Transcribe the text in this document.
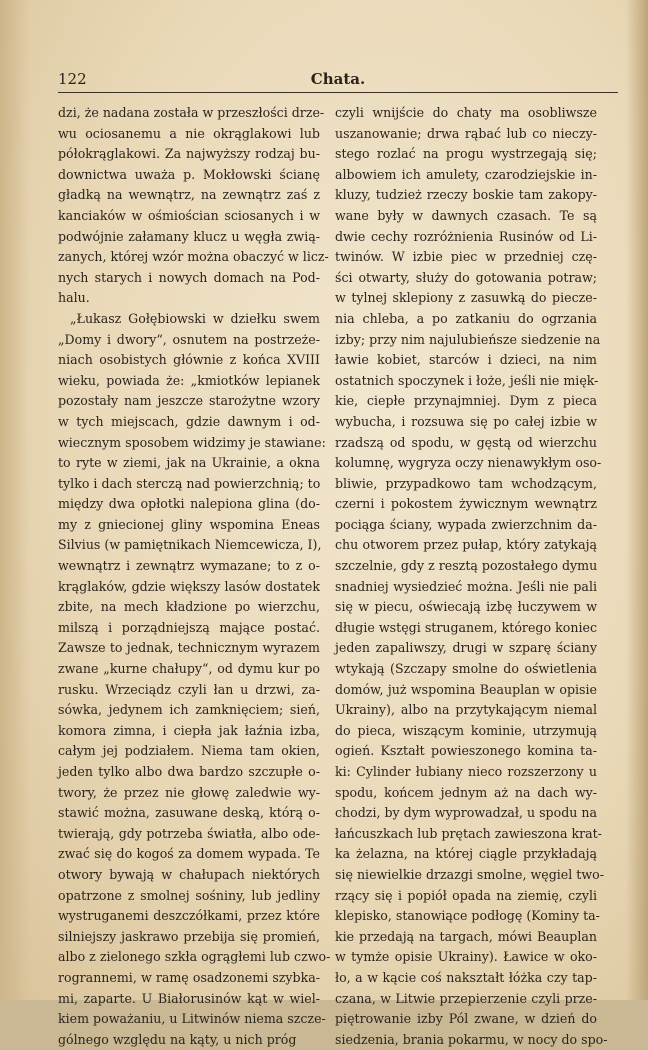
122	Chata.
dzi, że nadana została w przeszłości drze-
wu ociosanemu a nie okrąglakowi lub
półokrąglakowi. Za najwyższy rodzaj bu-
downictwa uważa p. Mokłowski ścianę
gładką na wewnątrz, na zewnątrz zaś z
kanciaków w ośmiościan sciosanych i w
podwójnie załamany klucz u węgła zwią-
zanych, której wzór można obaczyć w licz-
nych starych i nowych domach na Pod-
halu.
„Łukasz Gołębiowski w dziełku swem
„Domy i dwory“, osnutem na postrzeże-
niach osobistych głównie z końca XVIII
wieku, powiada że: „kmiotków lepianek
pozostały nam jeszcze starożytne wzory
w tych miejscach, gdzie dawnym i od-
wiecznym sposobem widzimy je stawiane:
to ryte w ziemi, jak na Ukrainie, a okna
tylko i dach sterczą nad powierzchnią; to
między dwa opłotki nalepiona glina (do-
my z gniecionej gliny wspomina Eneas
Silvius (w pamiętnikach Niemcewicza, I),
wewnątrz i zewnątrz wymazane; to z o-
krąglaków, gdzie większy lasów dostatek
zbite, na mech kładzione po wierzchu,
milszą i porządniejszą mające postać.
Zawsze to jednak, technicznym wyrazem
zwane „kurne chałupy“, od dymu kur po
rusku. Wrzeciądz czyli łan u drzwi, za-
sówka, jedynem ich zamknięciem; sień,
komora zimna, i ciepła jak łaźnia izba,
całym jej podziałem. Niema tam okien,
jeden tylko albo dwa bardzo szczupłe o-
twory, że przez nie głowę zaledwie wy-
stawić można, zasuwane deską, którą o-
twierają, gdy potrzeba światła, albo ode-
zwać się do kogoś za domem wypada. Te
otwory bywają w chałupach niektórych
opatrzone z smolnej sośniny, lub jedliny
wystruganemi deszczółkami, przez które
silniejszy jaskrawo przebija się promień,
albo z zielonego szkła ogrągłemi lub czwo-
rogrannemi, w ramę osadzonemi szybka-
mi, zaparte. U Białorusinów kąt w wiel-
kiem poważaniu, u Litwinów niema szcze-
gólnego względu na kąty, u nich próg
czyli wnijście do chaty ma osobliwsze
uszanowanie; drwa rąbać lub co nieczy-
stego rozlać na progu wystrzegają się;
albowiem ich amulety, czarodziejskie in-
kluzy, tudzież rzeczy boskie tam zakopy-
wane były w dawnych czasach. Te są
dwie cechy rozróżnienia Rusinów od Li-
twinów. W izbie piec w przedniej czę-
ści otwarty, służy do gotowania potraw;
w tylnej sklepiony z zasuwką do pieczе-
nia chleba, a po zatkaniu do ogrzania
izby; przy nim najulubieńsze siedzenie na
ławie kobiet, starców i dzieci, na nim
ostatnich spoczynek i łoże, jeśli nie mięk-
kie, ciepłe przynajmniej. Dym z pieca
wybucha, i rozsuwa się po całej izbie w
rzadszą od spodu, w gęstą od wierzchu
kolumnę, wygryza oczy nienawykłym oso-
bliwie, przypadkowo tam wchodzącym,
czerni i pokostem żywicznym wewnątrz
pociąga ściany, wypada zwierzchnim da-
chu otworem przez pułap, który zatykają
szczelnie, gdy z resztą pozostałego dymu
snadniej wysiedzieć można. Jeśli nie pali
się w piecu, oświecają izbę łuczywem w
długie wstęgi struganem, którego koniec
jeden zapaliwszy, drugi w szparę ściany
wtykają (Szczapy smolne do oświetlenia
domów, już wspomina Beauplan w opisie
Ukrainy), albo na przytykającym niemal
do pieca, wiszącym kominie, utrzymują
ogień. Kształt powieszonego komina ta-
ki: Cylinder łubiany nieco rozszerzony u
spodu, końcem jednym aż na dach wy-
chodzi, by dym wyprowadzał, u spodu na
łańcuszkach lub prętach zawieszona krat-
ka żelazna, na której ciągle przykładają
się niewielkie drzazgi smolne, węgiel two-
rzący się i popiół opada na ziemię, czyli
klepisko, stanowiące podłogę (Kominy ta-
kie przedają na targach, mówi Beauplan
w tymże opisie Ukrainy). Ławice w oko-
ło, a w kącie coś nakształt łóżka czy tap-
czana, w Litwie przepierzenie czyli prze-
piętrowanie izby Pól zwane, w dzień do
siedzenia, brania pokarmu, w nocy do spo-
